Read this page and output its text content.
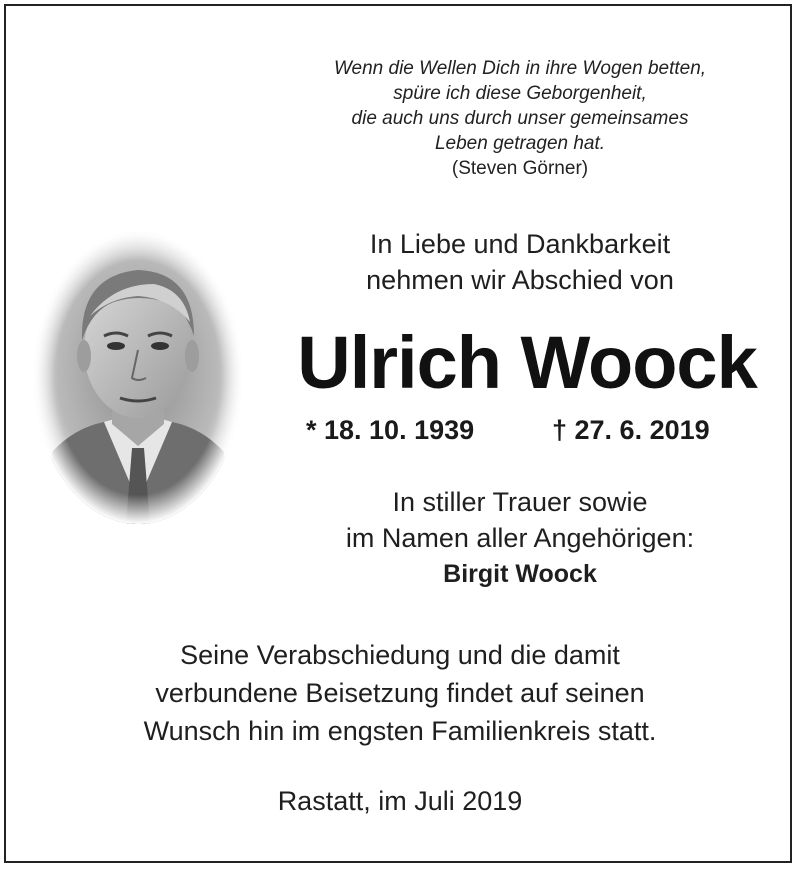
Wenn die Wellen Dich in ihre Wogen betten,
spüre ich diese Geborgenheit,
die auch uns durch unser gemeinsames
Leben getragen hat.
(Steven Görner)
In Liebe und Dankbarkeit
nehmen wir Abschied von
Ulrich Woock
* 18. 10. 1939	† 27. 6. 2019
In stiller Trauer sowie
im Namen aller Angehörigen:
Birgit Woock
Seine Verabschiedung und die damit
verbundene Beisetzung findet auf seinen
Wunsch hin im engsten Familienkreis statt.
Rastatt, im Juli 2019
